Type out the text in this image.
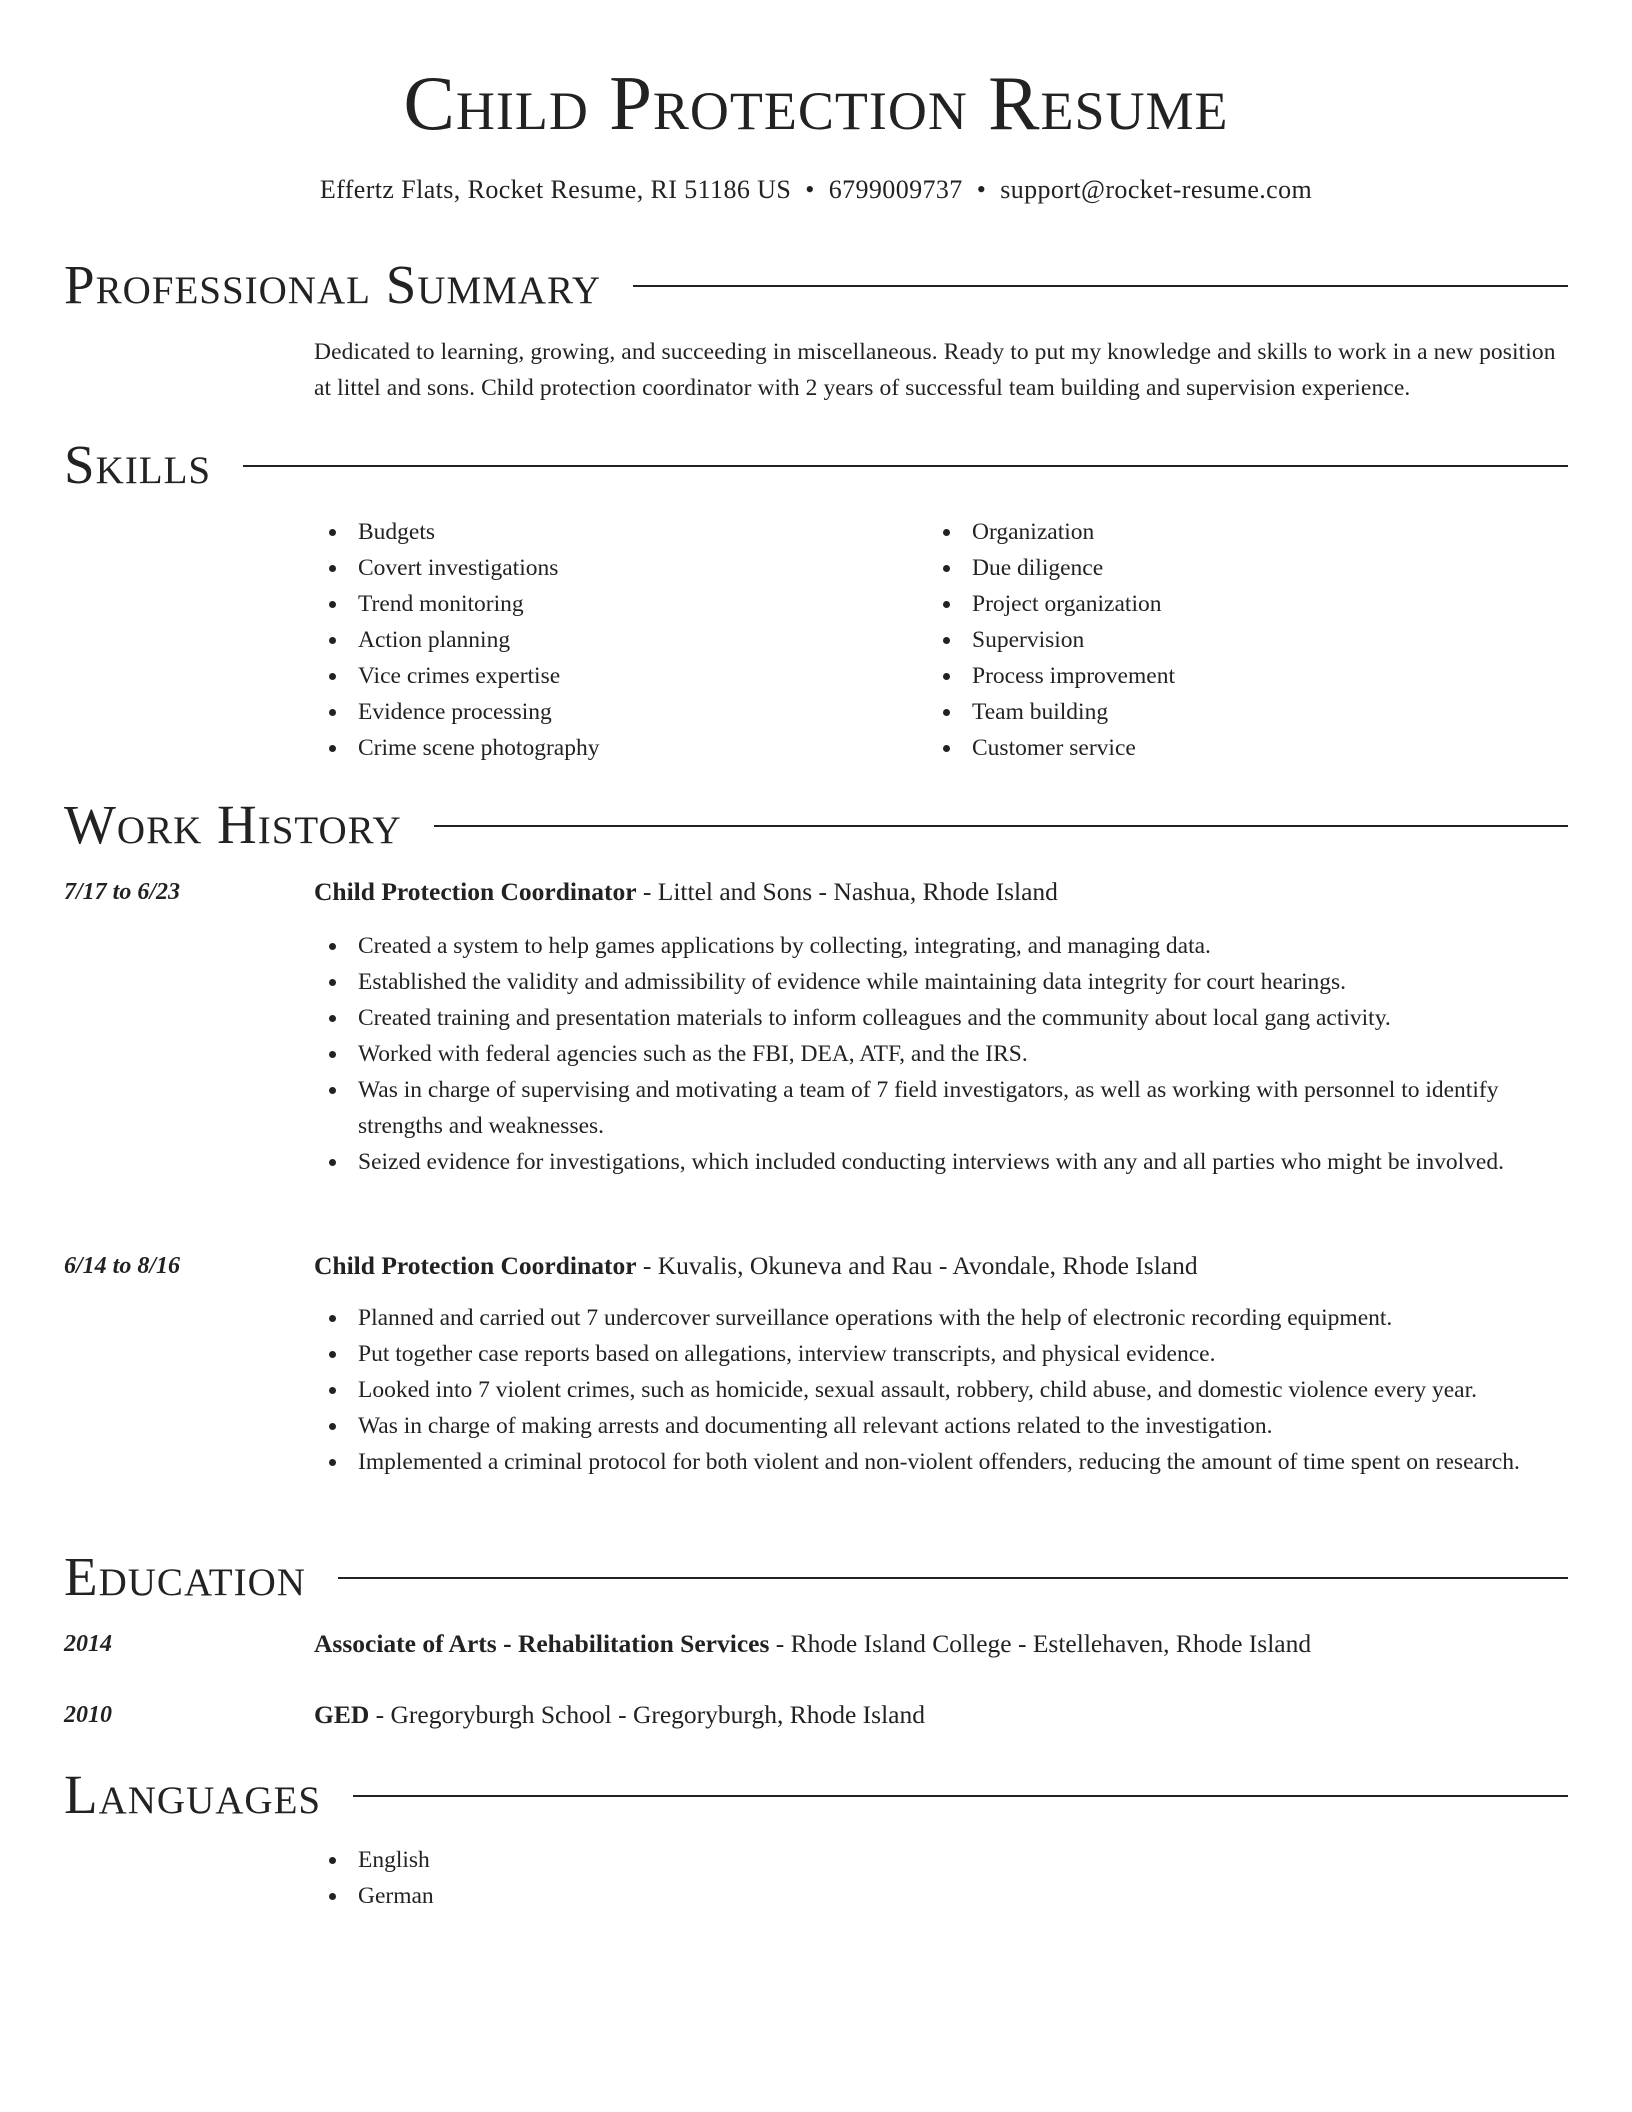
Child Protection Resume
Effertz Flats, Rocket Resume, RI 51186 US • 6799009737 • support@rocket-resume.com
Professional Summary
Dedicated to learning, growing, and succeeding in miscellaneous. Ready to put my knowledge and skills to work in a new position at littel and sons. Child protection coordinator with 2 years of successful team building and supervision experience.
Skills
Budgets
Covert investigations
Trend monitoring
Action planning
Vice crimes expertise
Evidence processing
Crime scene photography
Organization
Due diligence
Project organization
Supervision
Process improvement
Team building
Customer service
Work History
7/17 to 6/23	Child Protection Coordinator - Littel and Sons - Nashua, Rhode Island
Created a system to help games applications by collecting, integrating, and managing data.
Established the validity and admissibility of evidence while maintaining data integrity for court hearings.
Created training and presentation materials to inform colleagues and the community about local gang activity.
Worked with federal agencies such as the FBI, DEA, ATF, and the IRS.
Was in charge of supervising and motivating a team of 7 field investigators, as well as working with personnel to identify strengths and weaknesses.
Seized evidence for investigations, which included conducting interviews with any and all parties who might be involved.
6/14 to 8/16	Child Protection Coordinator - Kuvalis, Okuneva and Rau - Avondale, Rhode Island
Planned and carried out 7 undercover surveillance operations with the help of electronic recording equipment.
Put together case reports based on allegations, interview transcripts, and physical evidence.
Looked into 7 violent crimes, such as homicide, sexual assault, robbery, child abuse, and domestic violence every year.
Was in charge of making arrests and documenting all relevant actions related to the investigation.
Implemented a criminal protocol for both violent and non-violent offenders, reducing the amount of time spent on research.
Education
2014	Associate of Arts - Rehabilitation Services - Rhode Island College - Estellehaven, Rhode Island
2010	GED - Gregoryburgh School - Gregoryburgh, Rhode Island
Languages
English
German
